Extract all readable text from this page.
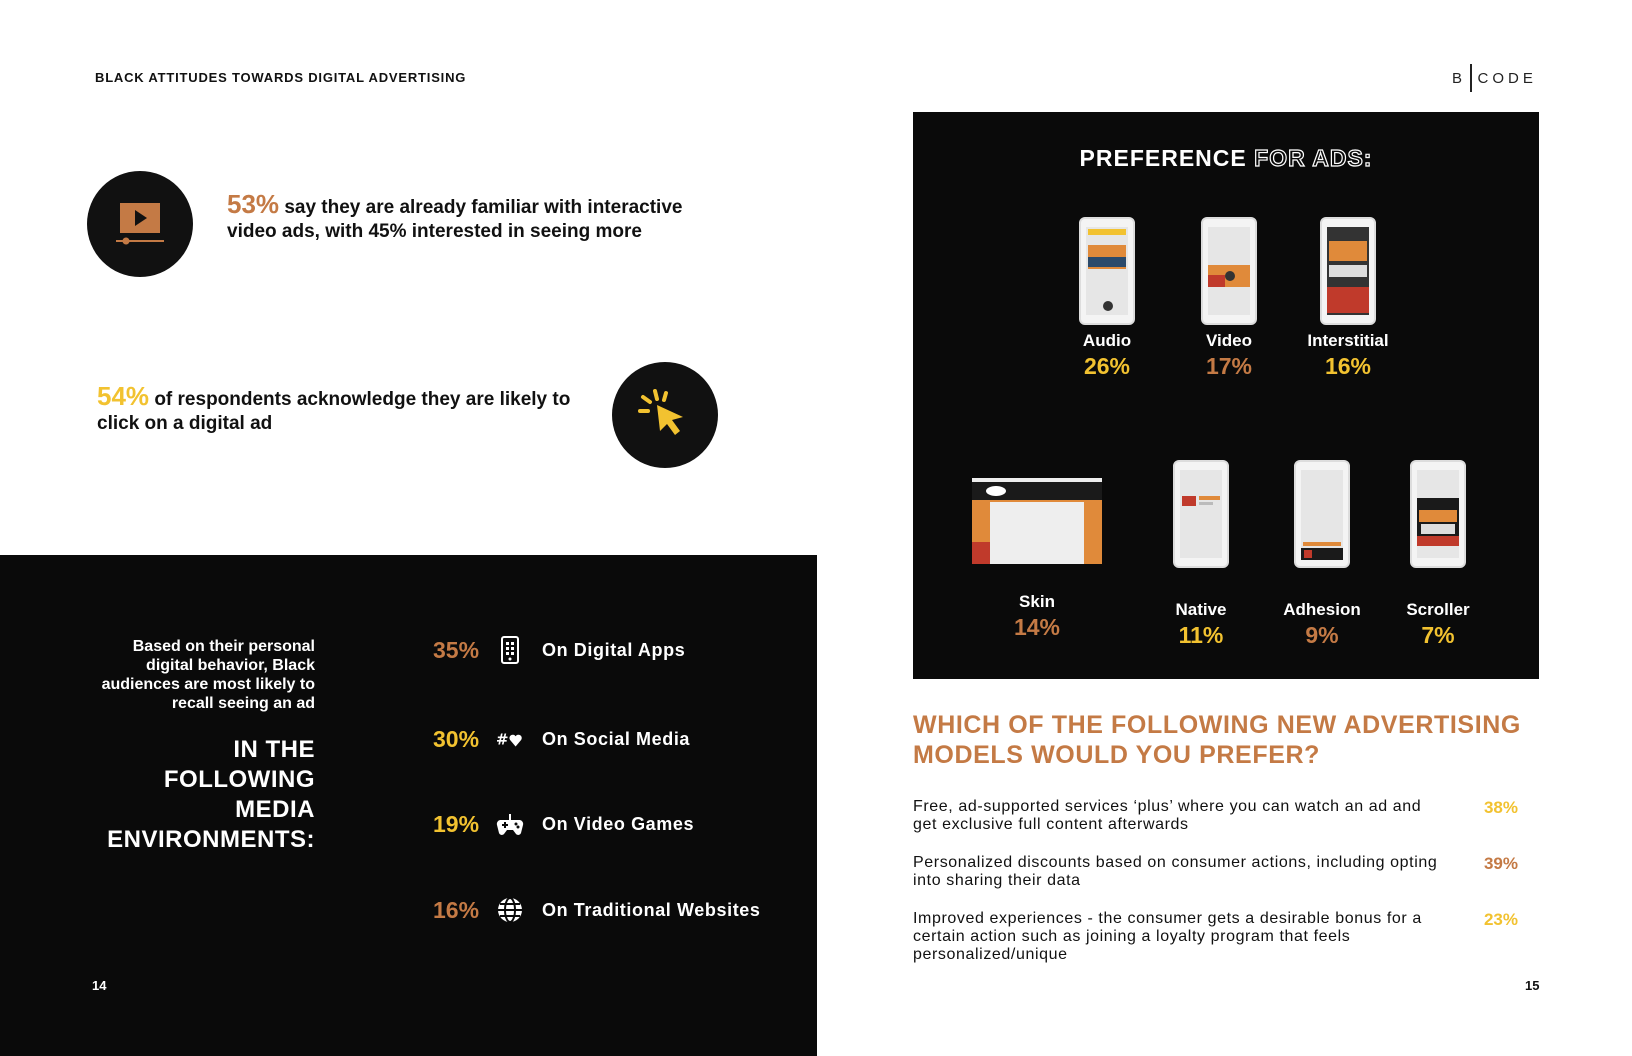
BLACK ATTITUDES TOWARDS DIGITAL ADVERTISING	B CODE
53% say they are already familiar with interactive video ads, with 45% interested in seeing more
54% of respondents acknowledge they are likely to click on a digital ad
Based on their personal digital behavior, Black audiences are most likely to recall seeing an ad
IN THE
FOLLOWING
MEDIA
ENVIRONMENTS:
35%	On Digital Apps
30%	# On Social Media
19%	On Video Games
16%	On Traditional Websites
14
PREFERENCE FOR ADS:
Audio
26%
Video
17%
Interstitial
16%
Skin
14%
Native
11%
Adhesion
9%
Scroller
7%
WHICH OF THE FOLLOWING NEW ADVERTISING MODELS WOULD YOU PREFER?
Free, ad-supported services ‘plus’ where you can watch an ad and get exclusive full content afterwards
38%
Personalized discounts based on consumer actions, including opting into sharing their data
39%
Improved experiences - the consumer gets a desirable bonus for a certain action such as joining a loyalty program that feels personalized/unique
23%
15
